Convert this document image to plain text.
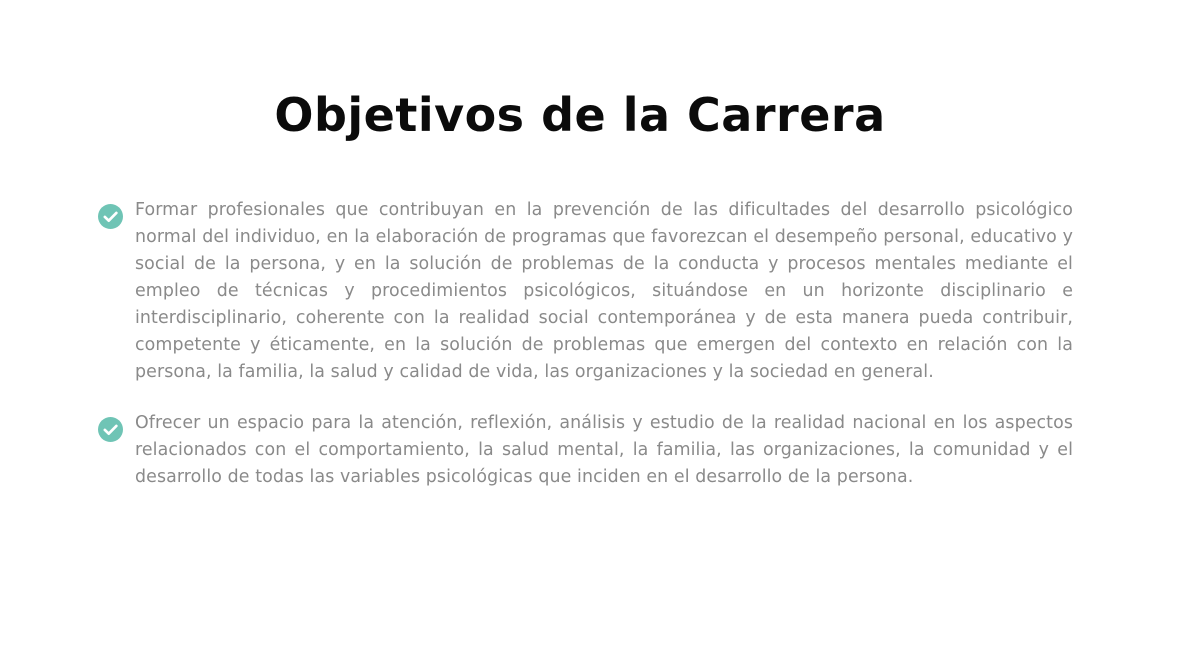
Objetivos de la Carrera

Formar profesionales que contribuyan en la prevención de las dificultades del desarrollo psicológico normal del individuo, en la elaboración de programas que favorezcan el desempeño personal, educativo y social de la persona, y en la solución de problemas de la conducta y procesos mentales mediante el empleo de técnicas y procedimientos psicológicos, situándose en un horizonte disciplinario e interdisciplinario, coherente con la realidad social contemporánea y de esta manera pueda contribuir, competente y éticamente, en la solución de problemas que emergen del contexto en relación con la persona, la familia, la salud y calidad de vida, las organizaciones y la sociedad en general.

Ofrecer un espacio para la atención, reflexión, análisis y estudio de la realidad nacional en los aspectos relacionados con el comportamiento, la salud mental, la familia, las organizaciones, la comunidad y el desarrollo de todas las variables psicológicas que inciden en el desarrollo de la persona.
